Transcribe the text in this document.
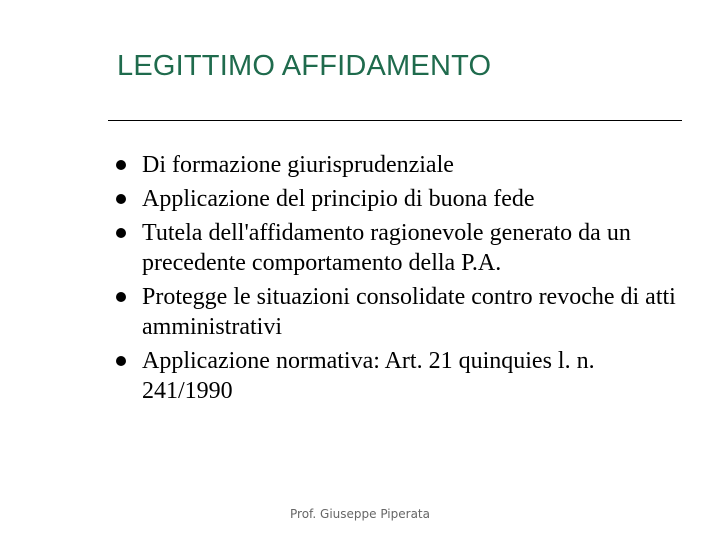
LEGITTIMO AFFIDAMENTO
Di formazione giurisprudenziale
Applicazione del principio di buona fede
Tutela dell'affidamento ragionevole generato da un precedente comportamento della P.A.
Protegge le situazioni consolidate contro revoche di atti amministrativi
Applicazione normativa: Art. 21 quinquies l. n. 241/1990
Prof. Giuseppe Piperata
